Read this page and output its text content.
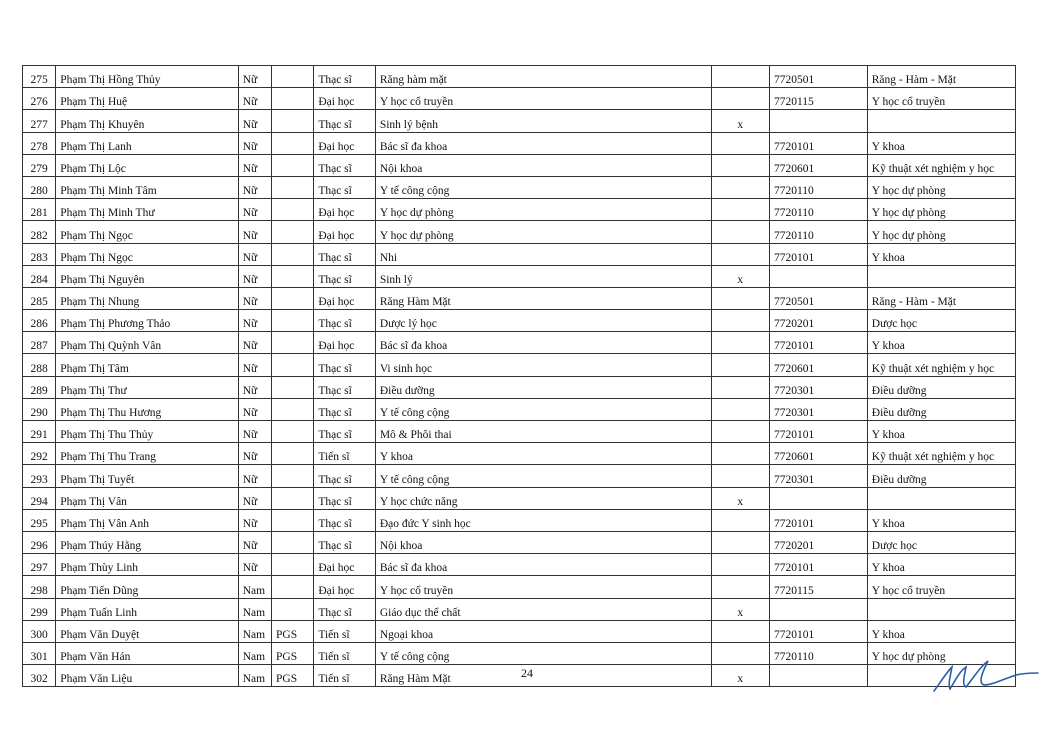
275	Phạm Thị Hồng Thủy	Nữ		Thạc sĩ	Răng hàm mặt		7720501	Răng - Hàm - Mặt
276	Phạm Thị Huệ	Nữ		Đại học	Y học cổ truyền		7720115	Y học cổ truyền
277	Phạm Thị Khuyên	Nữ		Thạc sĩ	Sinh lý bệnh	x		
278	Phạm Thị Lanh	Nữ		Đại học	Bác sĩ đa khoa		7720101	Y khoa
279	Phạm Thị Lộc	Nữ		Thạc sĩ	Nội khoa		7720601	Kỹ thuật xét nghiệm y học
280	Phạm Thị Minh Tâm	Nữ		Thạc sĩ	Y tế công cộng		7720110	Y học dự phòng
281	Phạm Thị Minh Thư	Nữ		Đại học	Y học dự phòng		7720110	Y học dự phòng
282	Phạm Thị Ngọc	Nữ		Đại học	Y học dự phòng		7720110	Y học dự phòng
283	Phạm Thị Ngọc	Nữ		Thạc sĩ	Nhi		7720101	Y khoa
284	Phạm Thị Nguyên	Nữ		Thạc sĩ	Sinh lý	x		
285	Phạm Thị Nhung	Nữ		Đại học	Răng Hàm Mặt		7720501	Răng - Hàm - Mặt
286	Phạm Thị Phương Thảo	Nữ		Thạc sĩ	Dược lý học		7720201	Dược học
287	Phạm Thị Quỳnh Vân	Nữ		Đại học	Bác sĩ đa khoa		7720101	Y khoa
288	Phạm Thị Tâm	Nữ		Thạc sĩ	Vi sinh học		7720601	Kỹ thuật xét nghiệm y học
289	Phạm Thị Thư	Nữ		Thạc sĩ	Điều dưỡng		7720301	Điều dưỡng
290	Phạm Thị Thu Hương	Nữ		Thạc sĩ	Y tế công cộng		7720301	Điều dưỡng
291	Phạm Thị Thu Thủy	Nữ		Thạc sĩ	Mô & Phôi thai		7720101	Y khoa
292	Phạm Thị Thu Trang	Nữ		Tiến sĩ	Y khoa		7720601	Kỹ thuật xét nghiệm y học
293	Phạm Thị Tuyết	Nữ		Thạc sĩ	Y tế công cộng		7720301	Điều dưỡng
294	Phạm Thị Vân	Nữ		Thạc sĩ	Y học chức năng	x		
295	Phạm Thị Vân Anh	Nữ		Thạc sĩ	Đạo đức Y sinh học		7720101	Y khoa
296	Phạm Thúy Hằng	Nữ		Thạc sĩ	Nội khoa		7720201	Dược học
297	Phạm Thùy Linh	Nữ		Đại học	Bác sĩ đa khoa		7720101	Y khoa
298	Phạm Tiến Dũng	Nam		Đại học	Y học cổ truyền		7720115	Y học cổ truyền
299	Phạm Tuấn Linh	Nam		Thạc sĩ	Giáo dục thể chất	x		
300	Phạm Văn Duyệt	Nam	PGS	Tiến sĩ	Ngoại khoa		7720101	Y khoa
301	Phạm Văn Hán	Nam	PGS	Tiến sĩ	Y tế công cộng		7720110	Y học dự phòng
302	Phạm Văn Liệu	Nam	PGS	Tiến sĩ	Răng Hàm Mặt	x		
24
